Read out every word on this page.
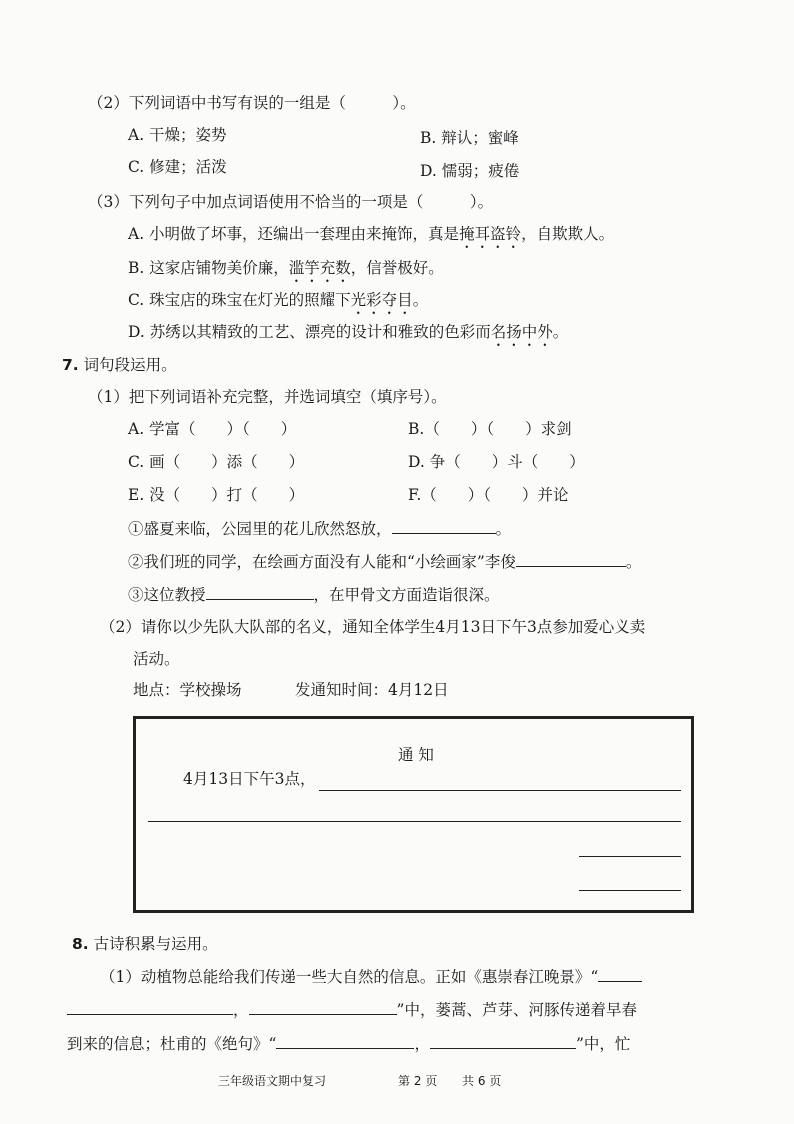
（2）下列词语中书写有误的一组是（　　　）。
A. 干燥；姿势	B. 辩认；蜜峰
C. 修建；活泼	D. 懦弱；疲倦
（3）下列句子中加点词语使用不恰当的一项是（　　　）。
A. 小明做了坏事，还编出一套理由来掩饰，真是掩耳盗铃，自欺欺人。
B. 这家店铺物美价廉，滥竽充数，信誉极好。
C. 珠宝店的珠宝在灯光的照耀下光彩夺目。
D. 苏绣以其精致的工艺、漂亮的设计和雅致的色彩而名扬中外。
7. 词句段运用。
（1）把下列词语补充完整，并选词填空（填序号）。
A. 学富（　　）（　　）	B.（　　）（　　）求剑
C. 画（　　）添（　　）	D. 争（　　）斗（　　）
E. 没（　　）打（　　）	F.（　　）（　　）并论
①盛夏来临，公园里的花儿欣然怒放，	。
②我们班的同学，在绘画方面没有人能和“小绘画家”李俊	。
③这位教授	，在甲骨文方面造诣很深。
（2）请你以少先队大队部的名义，通知全体学生4月13日下午3点参加爱心义卖
活动。
地点：学校操场	发通知时间：4月12日
通 知
4月13日下午3点，
8. 古诗积累与运用。
（1）动植物总能给我们传递一些大自然的信息。正如《惠崇春江晚景》“
，	”中，蒌蒿、芦芽、河豚传递着早春
到来的信息；杜甫的《绝句》“	，	”中，忙
三年级语文期中复习	第 2 页 共 6 页
